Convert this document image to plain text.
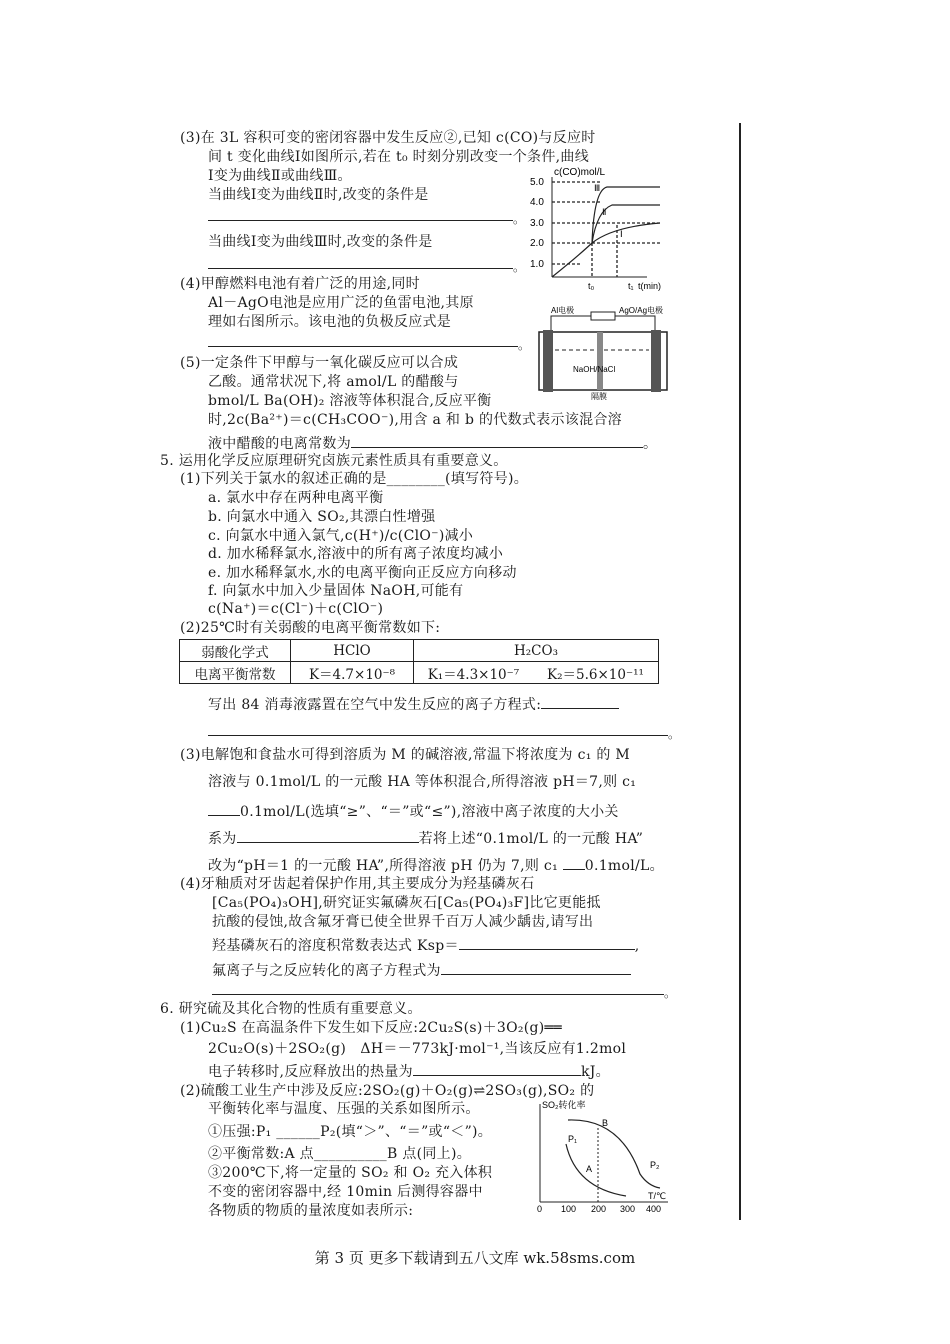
(3)在 3L 容积可变的密闭容器中发生反应②,已知 c(CO)与反应时
间 t 变化曲线Ⅰ如图所示,若在 t₀ 时刻分别改变一个条件,曲线
Ⅰ变为曲线Ⅱ或曲线Ⅲ。
当曲线Ⅰ变为曲线Ⅱ时,改变的条件是
。
当曲线Ⅰ变为曲线Ⅲ时,改变的条件是
。
(4)甲醇燃料电池有着广泛的用途,同时
Al－AgO电池是应用广泛的鱼雷电池,其原
理如右图所示。该电池的负极反应式是
。
(5)一定条件下甲醇与一氧化碳反应可以合成
乙酸。通常状况下,将 amol/L 的醋酸与
bmol/L Ba(OH)₂ 溶液等体积混合,反应平衡
时,2c(Ba²⁺)＝c(CH₃COO⁻),用含 a 和 b 的代数式表示该混合溶
液中醋酸的电离常数为	。
c(CO)mol/L
5.0
4.0
3.0
2.0
1.0
Ⅲ
Ⅱ
Ⅰ
t₀	t₁ t(min)
Al电极	AgO/Ag电极
NaOH/NaCl
隔膜
5. 运用化学反应原理研究卤族元素性质具有重要意义。
(1)下列关于氯水的叙述正确的是________(填写符号)。
a. 氯水中存在两种电离平衡
b. 向氯水中通入 SO₂,其漂白性增强
c. 向氯水中通入氯气,c(H⁺)/c(ClO⁻)减小
d. 加水稀释氯水,溶液中的所有离子浓度均减小
e. 加水稀释氯水,水的电离平衡向正反应方向移动
f. 向氯水中加入少量固体 NaOH,可能有
c(Na⁺)＝c(Cl⁻)＋c(ClO⁻)
(2)25℃时有关弱酸的电离平衡常数如下:
弱酸化学式	HClO	H₂CO₃	
电离平衡常数	K＝4.7×10⁻⁸	K₁＝4.3×10⁻⁷	K₂＝5.6×10⁻¹¹
写出 84 消毒液露置在空气中发生反应的离子方程式:
。
(3)电解饱和食盐水可得到溶质为 M 的碱溶液,常温下将浓度为 c₁ 的 M
溶液与 0.1mol/L 的一元酸 HA 等体积混合,所得溶液 pH＝7,则 c₁
0.1mol/L(选填“≥”、“＝”或“≤”),溶液中离子浓度的大小关
系为	若将上述“0.1mol/L 的一元酸 HA”
改为“pH＝1 的一元酸 HA”,所得溶液 pH 仍为 7,则 c₁ 0.1mol/L。
(4)牙釉质对牙齿起着保护作用,其主要成分为羟基磷灰石
[Ca₅(PO₄)₃OH],研究证实氟磷灰石[Ca₅(PO₄)₃F]比它更能抵
抗酸的侵蚀,故含氟牙膏已使全世界千百万人减少龋齿,请写出
羟基磷灰石的溶度积常数表达式 Ksp＝	,
氟离子与之反应转化的离子方程式为
。
6. 研究硫及其化合物的性质有重要意义。
(1)Cu₂S 在高温条件下发生如下反应:2Cu₂S(s)＋3O₂(g)══
2Cu₂O(s)＋2SO₂(g)　ΔH＝－773kJ·mol⁻¹,当该反应有1.2mol
电子转移时,反应释放出的热量为	kJ。
(2)硫酸工业生产中涉及反应:2SO₂(g)＋O₂(g)⇌2SO₃(g),SO₂ 的
平衡转化率与温度、压强的关系如图所示。
①压强:P₁ ______P₂(填“＞”、“＝”或“＜”)。
②平衡常数:A 点__________B 点(同上)。
③200℃下,将一定量的 SO₂ 和 O₂ 充入体积
不变的密闭容器中,经 10min 后测得容器中
各物质的物质的量浓度如表所示:
SO₂转化率
T/℃
0 100 200 300 400
P₁
P₂
A
B
第 3 页 更多下载请到五八文库 wk.58sms.com
